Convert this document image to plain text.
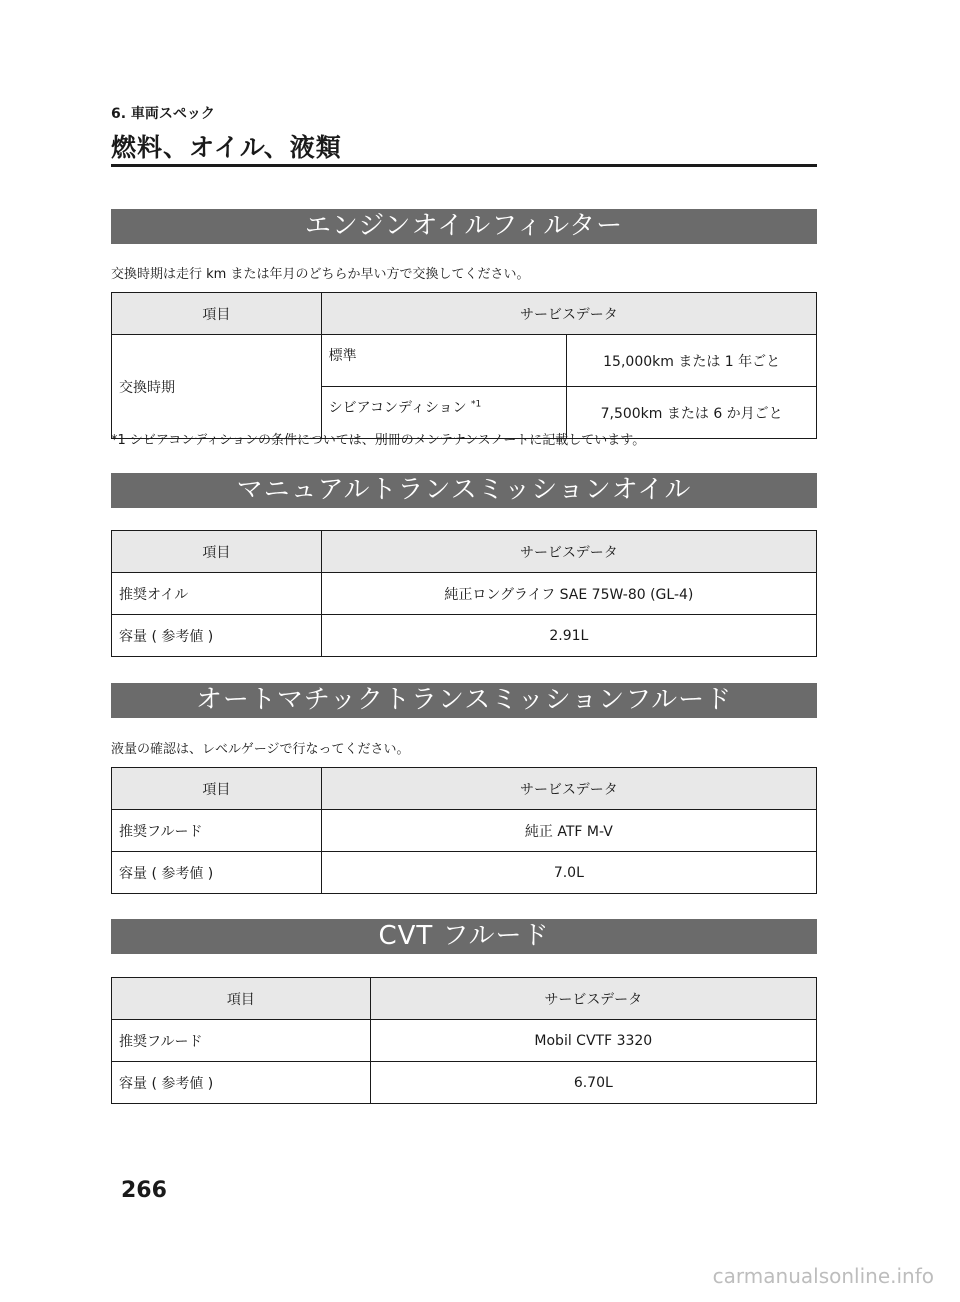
6. 車両スペック
燃料、オイル、液類
エンジンオイルフィルター
交換時期は走行 km または年月のどちらか早い方で交換してください。
項目	サービスデータ	
交換時期	標準	15,000km または 1 年ごと
	シビアコンディション $^{*1}$	7,500km または 6 か月ごと
*1 シビアコンディションの条件については、別冊のメンテナンスノートに記載しています。
マニュアルトランスミッションオイル
項目	サービスデータ
推奨オイル	純正ロングライフ SAE 75W-80 (GL-4)
容量 ( 参考値 )	2.91L
オートマチックトランスミッションフルード
液量の確認は、レベルゲージで行なってください。
項目	サービスデータ
推奨フルード	純正 ATF M-V
容量 ( 参考値 )	7.0L
CVT フルード
項目	サービスデータ
推奨フルード	Mobil CVTF 3320
容量 ( 参考値 )	6.70L
266
carmanualsonline.info
